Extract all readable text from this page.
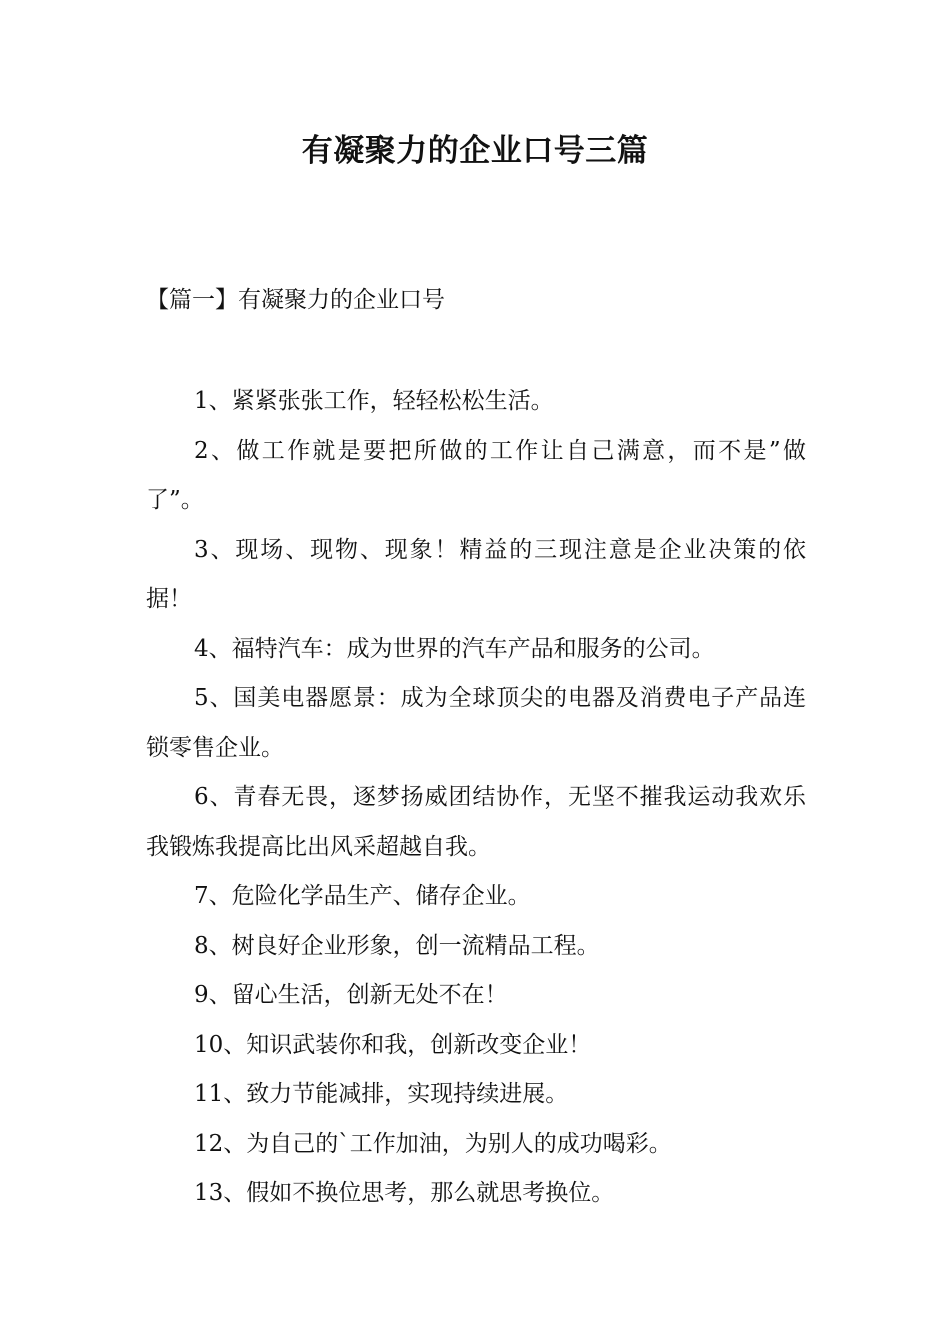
有凝聚力的企业口号三篇

【篇一】有凝聚力的企业口号

1、紧紧张张工作，轻轻松松生活。
2、做工作就是要把所做的工作让自己满意，而不是”做了”。
3、现场、现物、现象！精益的三现注意是企业决策的依据！
4、福特汽车：成为世界的汽车产品和服务的公司。
5、国美电器愿景：成为全球顶尖的电器及消费电子产品连锁零售企业。
6、青春无畏，逐梦扬威团结协作，无坚不摧我运动我欢乐我锻炼我提高比出风采超越自我。
7、危险化学品生产、储存企业。
8、树良好企业形象，创一流精品工程。
9、留心生活，创新无处不在！
10、知识武装你和我，创新改变企业！
11、致力节能减排，实现持续进展。
12、为自己的`工作加油，为别人的成功喝彩。
13、假如不换位思考，那么就思考换位。
